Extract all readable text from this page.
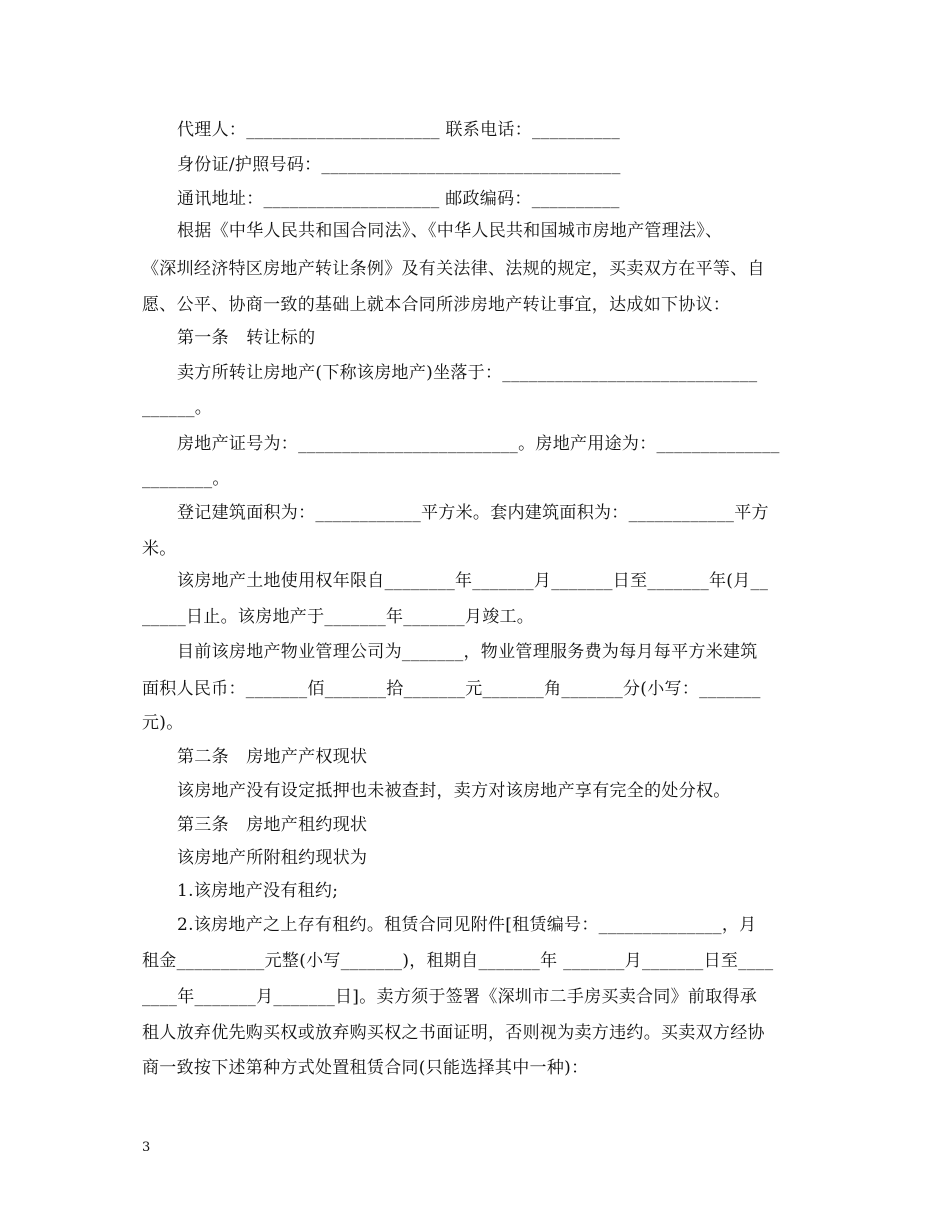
代理人：______________________ 联系电话：__________
身份证/护照号码：__________________________________
通讯地址：____________________ 邮政编码：__________
根据《中华人民共和国合同法》、《中华人民共和国城市房地产管理法》、
《深圳经济特区房地产转让条例》及有关法律、法规的规定，买卖双方在平等、自
愿、公平、协商一致的基础上就本合同所涉房地产转让事宜，达成如下协议：
第一条　转让标的
卖方所转让房地产(下称该房地产)坐落于：_____________________________
______。
房地产证号为：_________________________。房地产用途为：______________
________。
登记建筑面积为：____________平方米。套内建筑面积为：____________平方
米。
该房地产土地使用权年限自________年_______月_______日至_______年(月__
_____日止。该房地产于_______年_______月竣工。
目前该房地产物业管理公司为_______，物业管理服务费为每月每平方米建筑
面积人民币：_______佰_______拾_______元_______角_______分(小写：_______
元)。
第二条　房地产产权现状
该房地产没有设定抵押也未被查封，卖方对该房地产享有完全的处分权。
第三条　房地产租约现状
该房地产所附租约现状为
1.该房地产没有租约;
2.该房地产之上存有租约。租赁合同见附件[租赁编号：______________，月
租金__________元整(小写_______)，租期自_______年 _______月_______日至____
____年_______月_______日]。卖方须于签署《深圳市二手房买卖合同》前取得承
租人放弃优先购买权或放弃购买权之书面证明，否则视为卖方违约。买卖双方经协
商一致按下述第种方式处置租赁合同(只能选择其中一种)：
3
